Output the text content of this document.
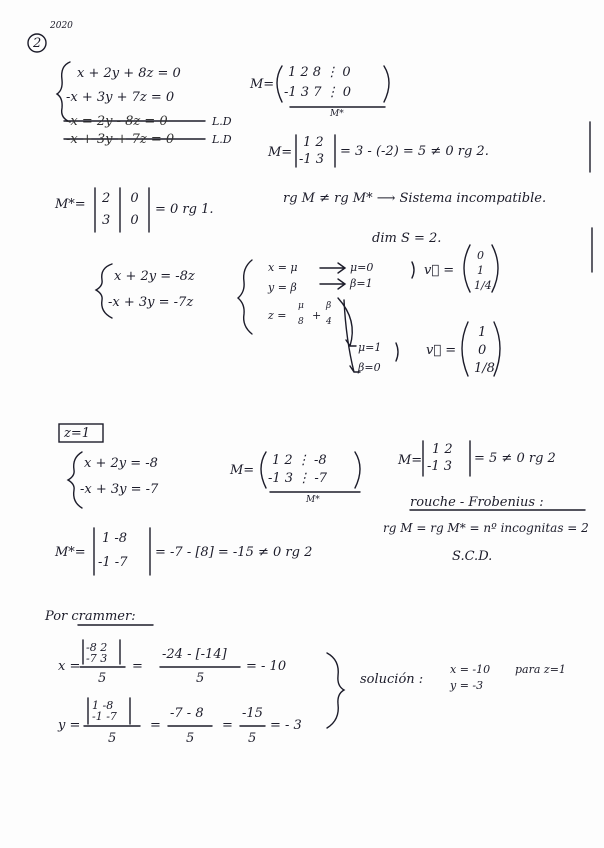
2
2020
x + 2y + 8z = 0
-x + 3y + 7z = 0
-x = 2y - 8z = 0
-x + 3y + 7z = 0
L.D
L.D
M=
1 2 8 ⋮ 0
-1 3 7 ⋮ 0
M*
M=
1 2
-1 3
= 3 - (-2) = 5 ≠ 0 rg 2.
M*= 2 0
3 0
= 0 rg 1.
rg M ≠ rg M* ⟶ Sistema incompatible.
dim S = 2.
x + 2y = -8z
-x + 3y = -7z
x = μ
y = β
z =
μ
8 +
β
4
μ=0
β=1
v⃗ =
0
1
1/4
μ=1
β=0
v⃗ =
1
0
1/8
z=1
x + 2y = -8
-x + 3y = -7
M=
1 2 ⋮ -8
-1 3 ⋮ -7
M*
M=
1 2
-1 3
= 5 ≠ 0 rg 2
rouche - Frobenius :
rg M = rg M* = nº incognitas = 2
S.C.D.
M*=
1 -8
-1 -7
= -7 - [8] = -15 ≠ 0 rg 2
Por crammer:
x =
-8 2
-7 3
5
=
-24 - [-14]
5
= - 10
y =
1 -8
-1 -7
5
=
-7 - 8
5
=
-15
5
= - 3
solución :
x = -10
y = -3
para z=1
